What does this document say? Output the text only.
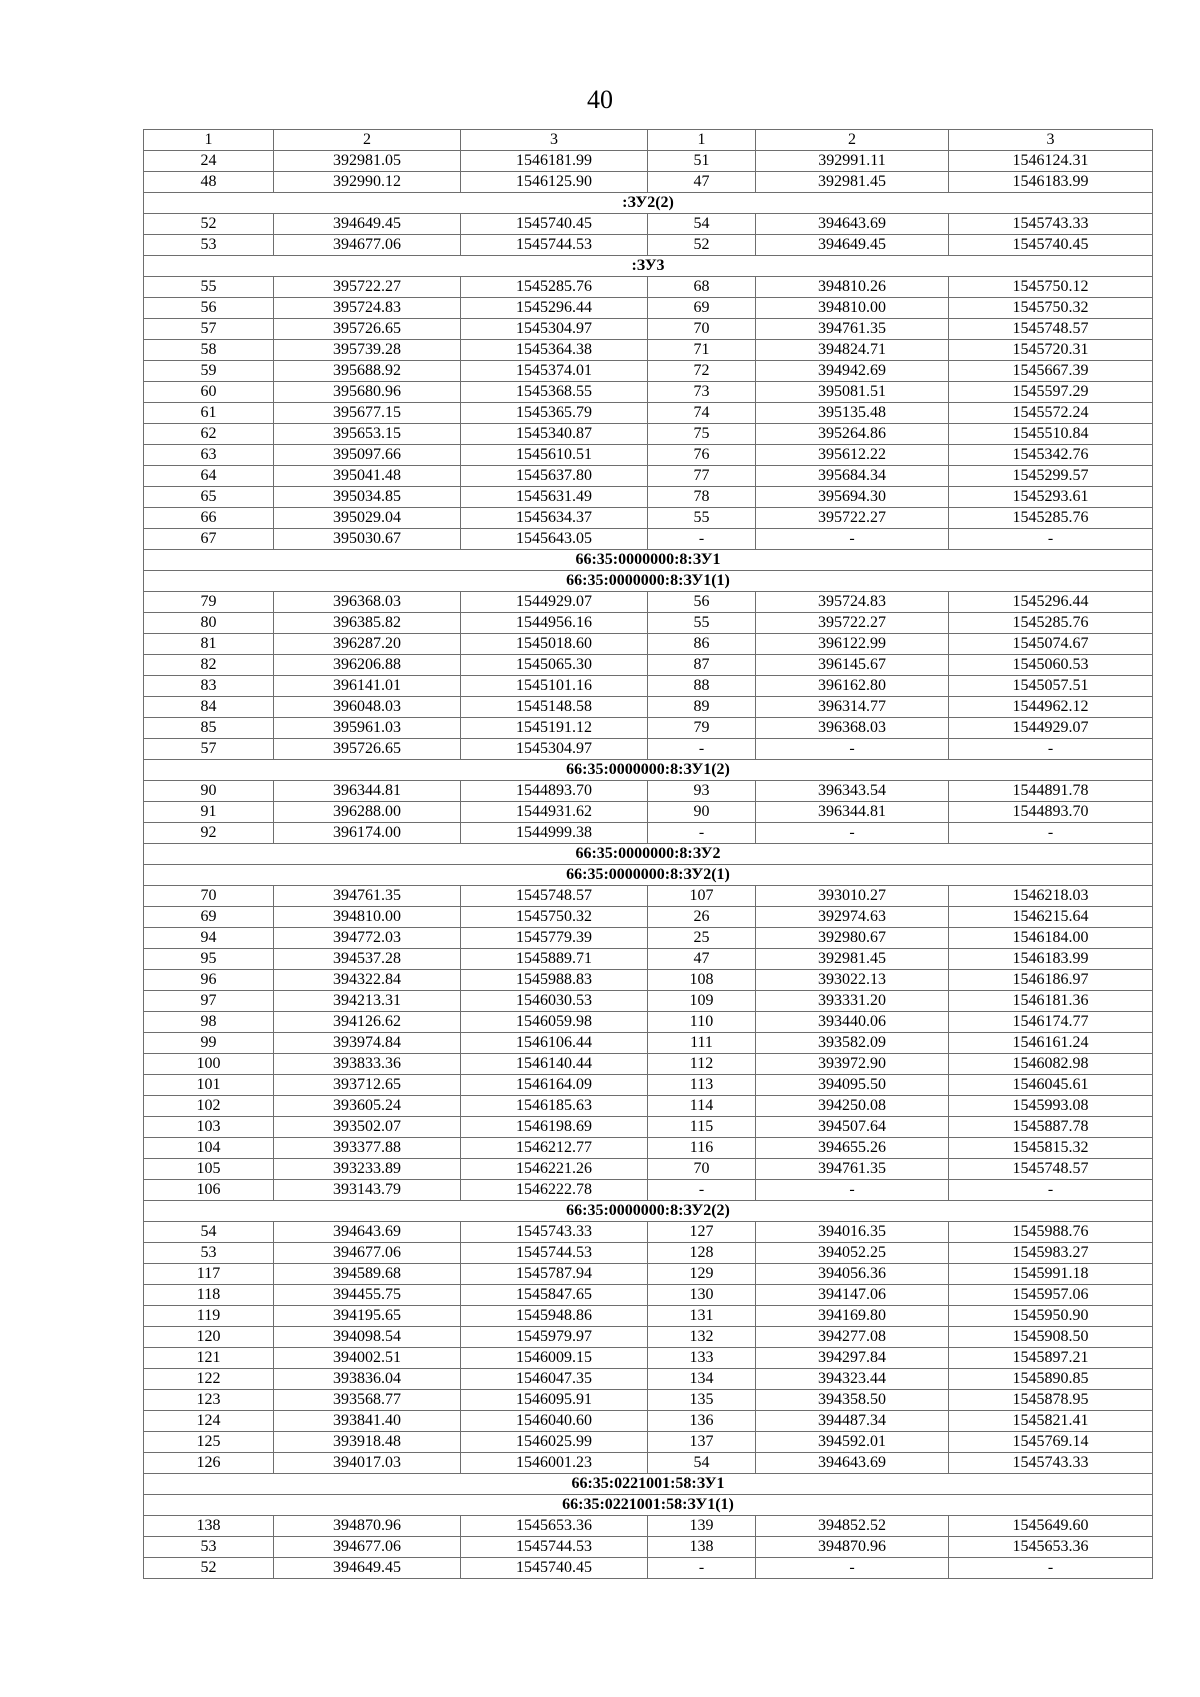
40
1	2	3	1	2	3
24	392981.05	1546181.99	51	392991.11	1546124.31
48	392990.12	1546125.90	47	392981.45	1546183.99
:ЗУ2(2)					
52	394649.45	1545740.45	54	394643.69	1545743.33
53	394677.06	1545744.53	52	394649.45	1545740.45
:ЗУ3					
55	395722.27	1545285.76	68	394810.26	1545750.12
56	395724.83	1545296.44	69	394810.00	1545750.32
57	395726.65	1545304.97	70	394761.35	1545748.57
58	395739.28	1545364.38	71	394824.71	1545720.31
59	395688.92	1545374.01	72	394942.69	1545667.39
60	395680.96	1545368.55	73	395081.51	1545597.29
61	395677.15	1545365.79	74	395135.48	1545572.24
62	395653.15	1545340.87	75	395264.86	1545510.84
63	395097.66	1545610.51	76	395612.22	1545342.76
64	395041.48	1545637.80	77	395684.34	1545299.57
65	395034.85	1545631.49	78	395694.30	1545293.61
66	395029.04	1545634.37	55	395722.27	1545285.76
67	395030.67	1545643.05	-	-	-
66:35:0000000:8:ЗУ1					
66:35:0000000:8:ЗУ1(1)					
79	396368.03	1544929.07	56	395724.83	1545296.44
80	396385.82	1544956.16	55	395722.27	1545285.76
81	396287.20	1545018.60	86	396122.99	1545074.67
82	396206.88	1545065.30	87	396145.67	1545060.53
83	396141.01	1545101.16	88	396162.80	1545057.51
84	396048.03	1545148.58	89	396314.77	1544962.12
85	395961.03	1545191.12	79	396368.03	1544929.07
57	395726.65	1545304.97	-	-	-
66:35:0000000:8:ЗУ1(2)					
90	396344.81	1544893.70	93	396343.54	1544891.78
91	396288.00	1544931.62	90	396344.81	1544893.70
92	396174.00	1544999.38	-	-	-
66:35:0000000:8:ЗУ2					
66:35:0000000:8:ЗУ2(1)					
70	394761.35	1545748.57	107	393010.27	1546218.03
69	394810.00	1545750.32	26	392974.63	1546215.64
94	394772.03	1545779.39	25	392980.67	1546184.00
95	394537.28	1545889.71	47	392981.45	1546183.99
96	394322.84	1545988.83	108	393022.13	1546186.97
97	394213.31	1546030.53	109	393331.20	1546181.36
98	394126.62	1546059.98	110	393440.06	1546174.77
99	393974.84	1546106.44	111	393582.09	1546161.24
100	393833.36	1546140.44	112	393972.90	1546082.98
101	393712.65	1546164.09	113	394095.50	1546045.61
102	393605.24	1546185.63	114	394250.08	1545993.08
103	393502.07	1546198.69	115	394507.64	1545887.78
104	393377.88	1546212.77	116	394655.26	1545815.32
105	393233.89	1546221.26	70	394761.35	1545748.57
106	393143.79	1546222.78	-	-	-
66:35:0000000:8:ЗУ2(2)					
54	394643.69	1545743.33	127	394016.35	1545988.76
53	394677.06	1545744.53	128	394052.25	1545983.27
117	394589.68	1545787.94	129	394056.36	1545991.18
118	394455.75	1545847.65	130	394147.06	1545957.06
119	394195.65	1545948.86	131	394169.80	1545950.90
120	394098.54	1545979.97	132	394277.08	1545908.50
121	394002.51	1546009.15	133	394297.84	1545897.21
122	393836.04	1546047.35	134	394323.44	1545890.85
123	393568.77	1546095.91	135	394358.50	1545878.95
124	393841.40	1546040.60	136	394487.34	1545821.41
125	393918.48	1546025.99	137	394592.01	1545769.14
126	394017.03	1546001.23	54	394643.69	1545743.33
66:35:0221001:58:ЗУ1					
66:35:0221001:58:ЗУ1(1)					
138	394870.96	1545653.36	139	394852.52	1545649.60
53	394677.06	1545744.53	138	394870.96	1545653.36
52	394649.45	1545740.45	-	-	-
